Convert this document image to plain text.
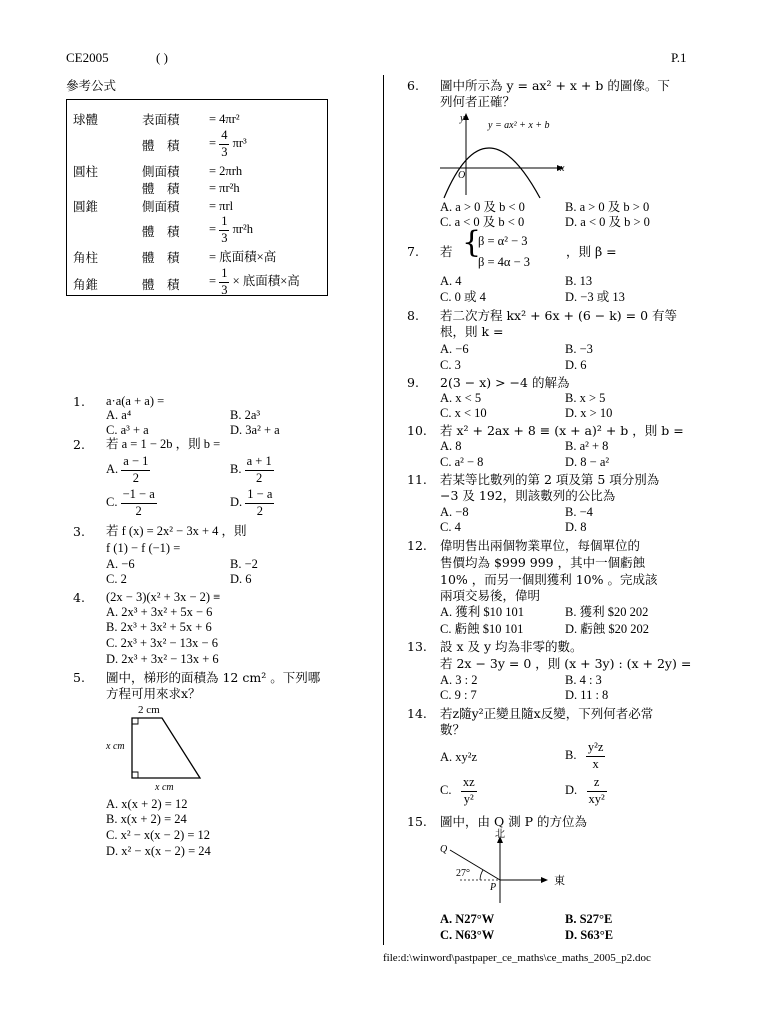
CE2005	( )	P.1
參考公式
球體	表面積 = 4πr²
體　積 = $\frac{4}{3} \pi r^3$
圓柱	側面積 = 2πrh
體　積 = πr²h
圓錐	側面積 = πrl
體　積 = $\frac{1}{3} \pi r^2h$
角柱	體　積 = 底面積×高
角錐	體　積 = $\frac{1}{3}$ × 底面積×高
1. a·a(a + a) =
A. a⁴	B. 2a³
C. a³ + a	D. 3a² + a
2. 若 a = 1 − 2b ，則 b =
A. $\frac{a - 1}{2}$	B. $\frac{a + 1}{2}$
C. $\frac{-1 - a}{2}$	D. $\frac{1 - a}{2}$
3. 若 f (x) = 2x² − 3x + 4 ，則
f (1) − f (−1) =
A. −6	B. −2
C. 2	D. 6
4. (2x − 3)(x² + 3x − 2) ≡
A. 2x³ + 3x² + 5x − 6
B. 2x³ + 3x² + 5x + 6
C. 2x³ + 3x² − 13x − 6
D. 2x³ + 3x² − 13x + 6
5. 圖中，梯形的面積為 12 cm² 。下列哪
方程可用來求x？
2 cm
x cm
x cm
A. x(x + 2) = 12
B. x(x + 2) = 24
C. x² − x(x − 2) = 12
D. x² − x(x − 2) = 24
6. 圖中所示為 y = ax² + x + b 的圖像。下
列何者正確？
y
x
O
y = ax² + x + b
A. a > 0 及 b < 0	B. a > 0 及 b > 0
C. a < 0 及 b < 0	D. a < 0 及 b > 0
7. 若 {
β = α² − 3
β = 4α − 3
，則 β =
A. 4	B. 13
C. 0 或 4	D. −3 或 13
8. 若二次方程 kx² + 6x + (6 − k) = 0 有等
根，則 k =
A. −6	B. −3
C. 3	D. 6
9. 2(3 − x) > −4 的解為
A. x < 5	B. x > 5
C. x < 10	D. x > 10
10. 若 x² + 2ax + 8 ≡ (x + a)² + b ，則 b =
A. 8	B. a² + 8
C. a² − 8	D. 8 − a²
11. 若某等比數列的第 2 項及第 5 項分別為
−3 及 192，則該數列的公比為
A. −8	B. −4
C. 4	D. 8
12. 偉明售出兩個物業單位，每個單位的
售價均為 $999 999 ，其中一個虧蝕
10% ，而另一個則獲利 10% 。完成該
兩項交易後，偉明
A. 獲利 $10 101	B. 獲利 $20 202
C. 虧蝕 $10 101	D. 虧蝕 $20 202
13. 設 x 及 y 均為非零的數。
若 2x − 3y = 0 ，則 (x + 3y) : (x + 2y) =
A. 3 : 2	B. 4 : 3
C. 9 : 7	D. 11 : 8
14. 若z隨y²正變且隨x反變，下列何者必常
數？
A. xy²z	B. $\frac{\text{y²z}}{x}$
C. $\frac{xz}{\text{y²}}$	D. $\frac{z}{\text{xy²}}$
15. 圖中，由 Q 測 P 的方位為
北
東
Q
P
27°
A. N27°W	B. S27°E
C. N63°W	D. S63°E
file:d:\winword\pastpaper_ce_maths\ce_maths_2005_p2.doc
